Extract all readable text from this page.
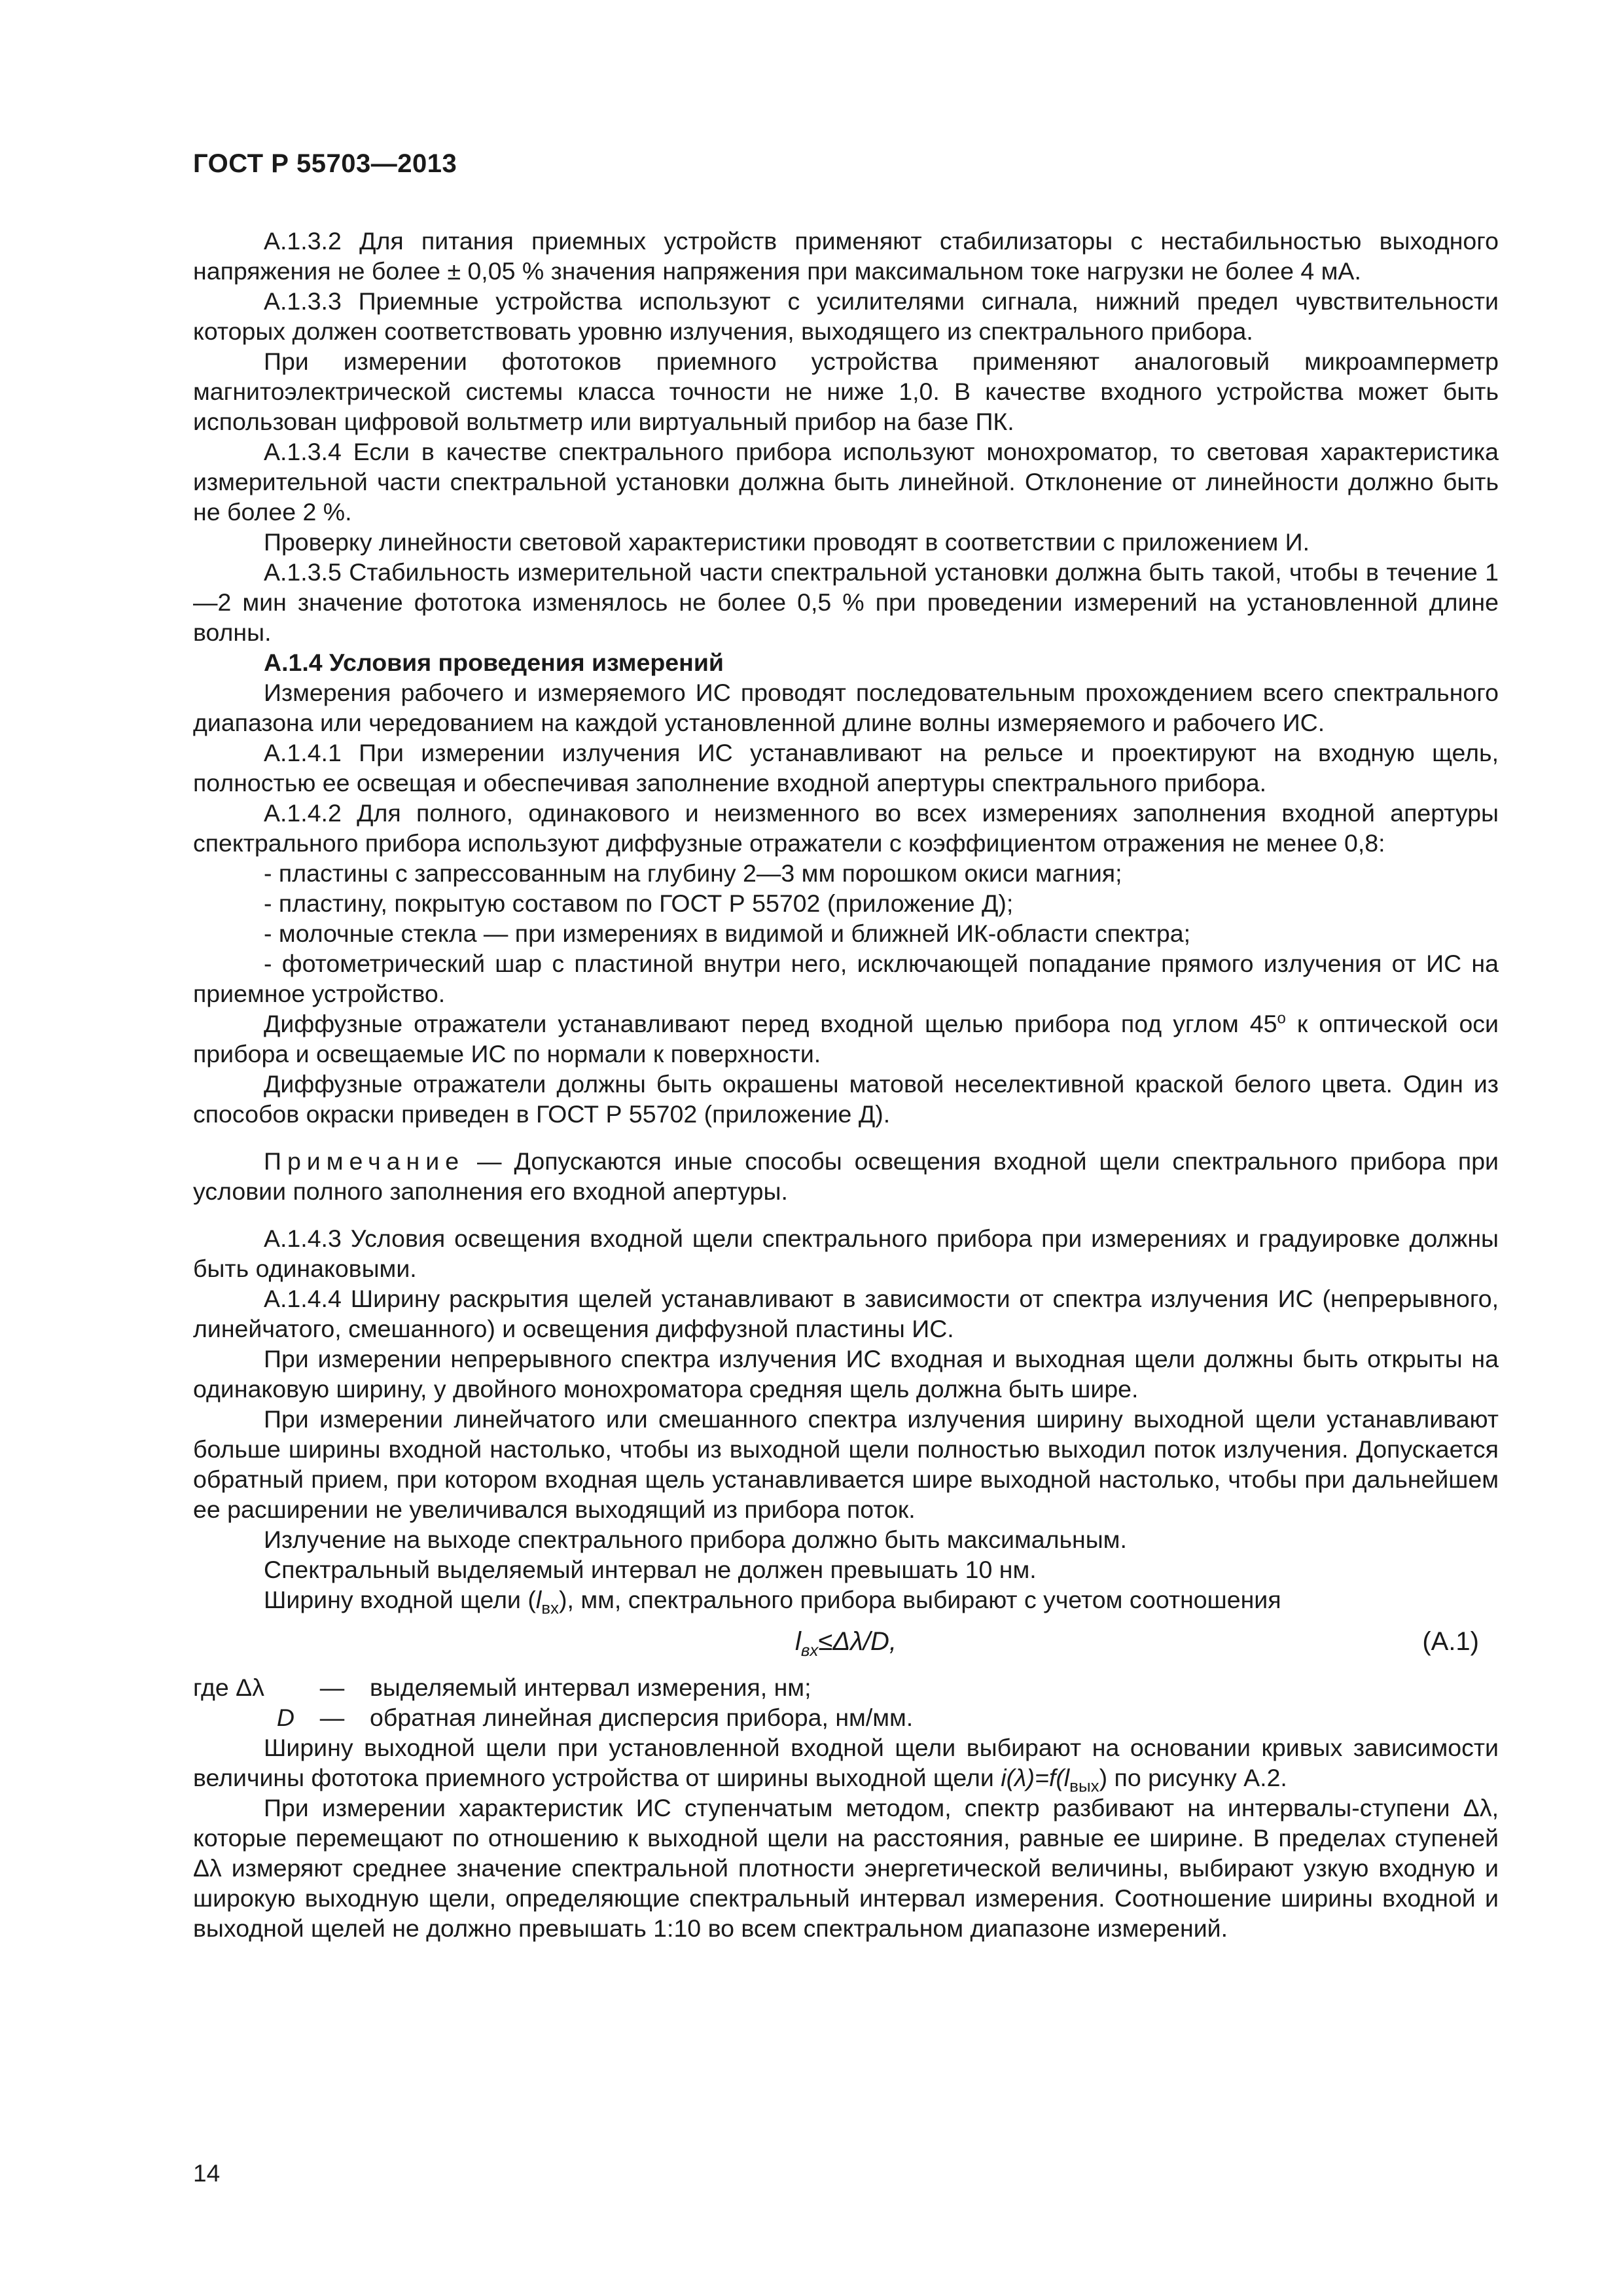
ГОСТ Р 55703—2013

А.1.3.2 Для питания приемных устройств применяют стабилизаторы с нестабильностью выходного напряжения не более ± 0,05 % значения напряжения при максимальном токе нагрузки не более 4 мА.

А.1.3.3 Приемные устройства используют с усилителями сигнала, нижний предел чувствительности которых должен соответствовать уровню излучения, выходящего из спектрального прибора.

При измерении фототоков приемного устройства применяют аналоговый микроамперметр магнитоэлектрической системы класса точности не ниже 1,0. В качестве входного устройства может быть использован цифровой вольтметр или виртуальный прибор на базе ПК.

А.1.3.4 Если в качестве спектрального прибора используют монохроматор, то световая характеристика измерительной части спектральной установки должна быть линейной. Отклонение от линейности должно быть не более 2 %.

Проверку линейности световой характеристики проводят в соответствии с приложением И.

А.1.3.5 Стабильность измерительной части спектральной установки должна быть такой, чтобы в течение 1—2 мин значение фототока изменялось не более 0,5 % при проведении измерений на установленной длине волны.

А.1.4 Условия проведения измерений

Измерения рабочего и измеряемого ИС проводят последовательным прохождением всего спектрального диапазона или чередованием на каждой установленной длине волны измеряемого и рабочего ИС.

А.1.4.1 При измерении излучения ИС устанавливают на рельсе и проектируют на входную щель, полностью ее освещая и обеспечивая заполнение входной апертуры спектрального прибора.

А.1.4.2 Для полного, одинакового и неизменного во всех измерениях заполнения входной апертуры спектрального прибора используют диффузные отражатели с коэффициентом отражения не менее 0,8:

- пластины с запрессованным на глубину 2—3 мм порошком окиси магния;

- пластину, покрытую составом по ГОСТ Р 55702 (приложение Д);

- молочные стекла — при измерениях в видимой и ближней ИК-области спектра;

- фотометрический шар с пластиной внутри него, исключающей попадание прямого излучения от ИС на приемное устройство.

Диффузные отражатели устанавливают перед входной щелью прибора под углом $45^о$ к оптической оси прибора и освещаемые ИС по нормали к поверхности.

Диффузные отражатели должны быть окрашены матовой неселективной краской белого цвета. Один из способов окраски приведен в ГОСТ Р 55702 (приложение Д).

Примечание — Допускаются иные способы освещения входной щели спектрального прибора при условии полного заполнения его входной апертуры.

А.1.4.3 Условия освещения входной щели спектрального прибора при измерениях и градуировке должны быть одинаковыми.

А.1.4.4 Ширину раскрытия щелей устанавливают в зависимости от спектра излучения ИС (непрерывного, линейчатого, смешанного) и освещения диффузной пластины ИС.

При измерении непрерывного спектра излучения ИС входная и выходная щели должны быть открыты на одинаковую ширину, у двойного монохроматора средняя щель должна быть шире.

При измерении линейчатого или смешанного спектра излучения ширину выходной щели устанавливают больше ширины входной настолько, чтобы из выходной щели полностью выходил поток излучения. Допускается обратный прием, при котором входная щель устанавливается шире выходной настолько, чтобы при дальнейшем ее расширении не увеличивался выходящий из прибора поток.

Излучение на выходе спектрального прибора должно быть максимальным.

Спектральный выделяемый интервал не должен превышать 10 нм.

Ширину входной щели $(l_{вх})$, мм, спектрального прибора выбирают с учетом соотношения

$l_{вх}\le\Delta\lambda/D$,	(А.1)
где Δλ	—	выделяемый интервал измерения, нм;
D	—	обратная линейная дисперсия прибора, нм/мм.

Ширину выходной щели при установленной входной щели выбирают на основании кривых зависимости величины фототока приемного устройства от ширины выходной щели $i(\lambda)=f(l_{вых})$ по рисунку А.2.

При измерении характеристик ИС ступенчатым методом, спектр разбивают на интервалы-ступени Δλ, которые перемещают по отношению к выходной щели на расстояния, равные ее ширине. В пределах ступеней Δλ измеряют среднее значение спектральной плотности энергетической величины, выбирают узкую входную и широкую выходную щели, определяющие спектральный интервал измерения. Соотношение ширины входной и выходной щелей не должно превышать 1:10 во всем спектральном диапазоне измерений.

14
